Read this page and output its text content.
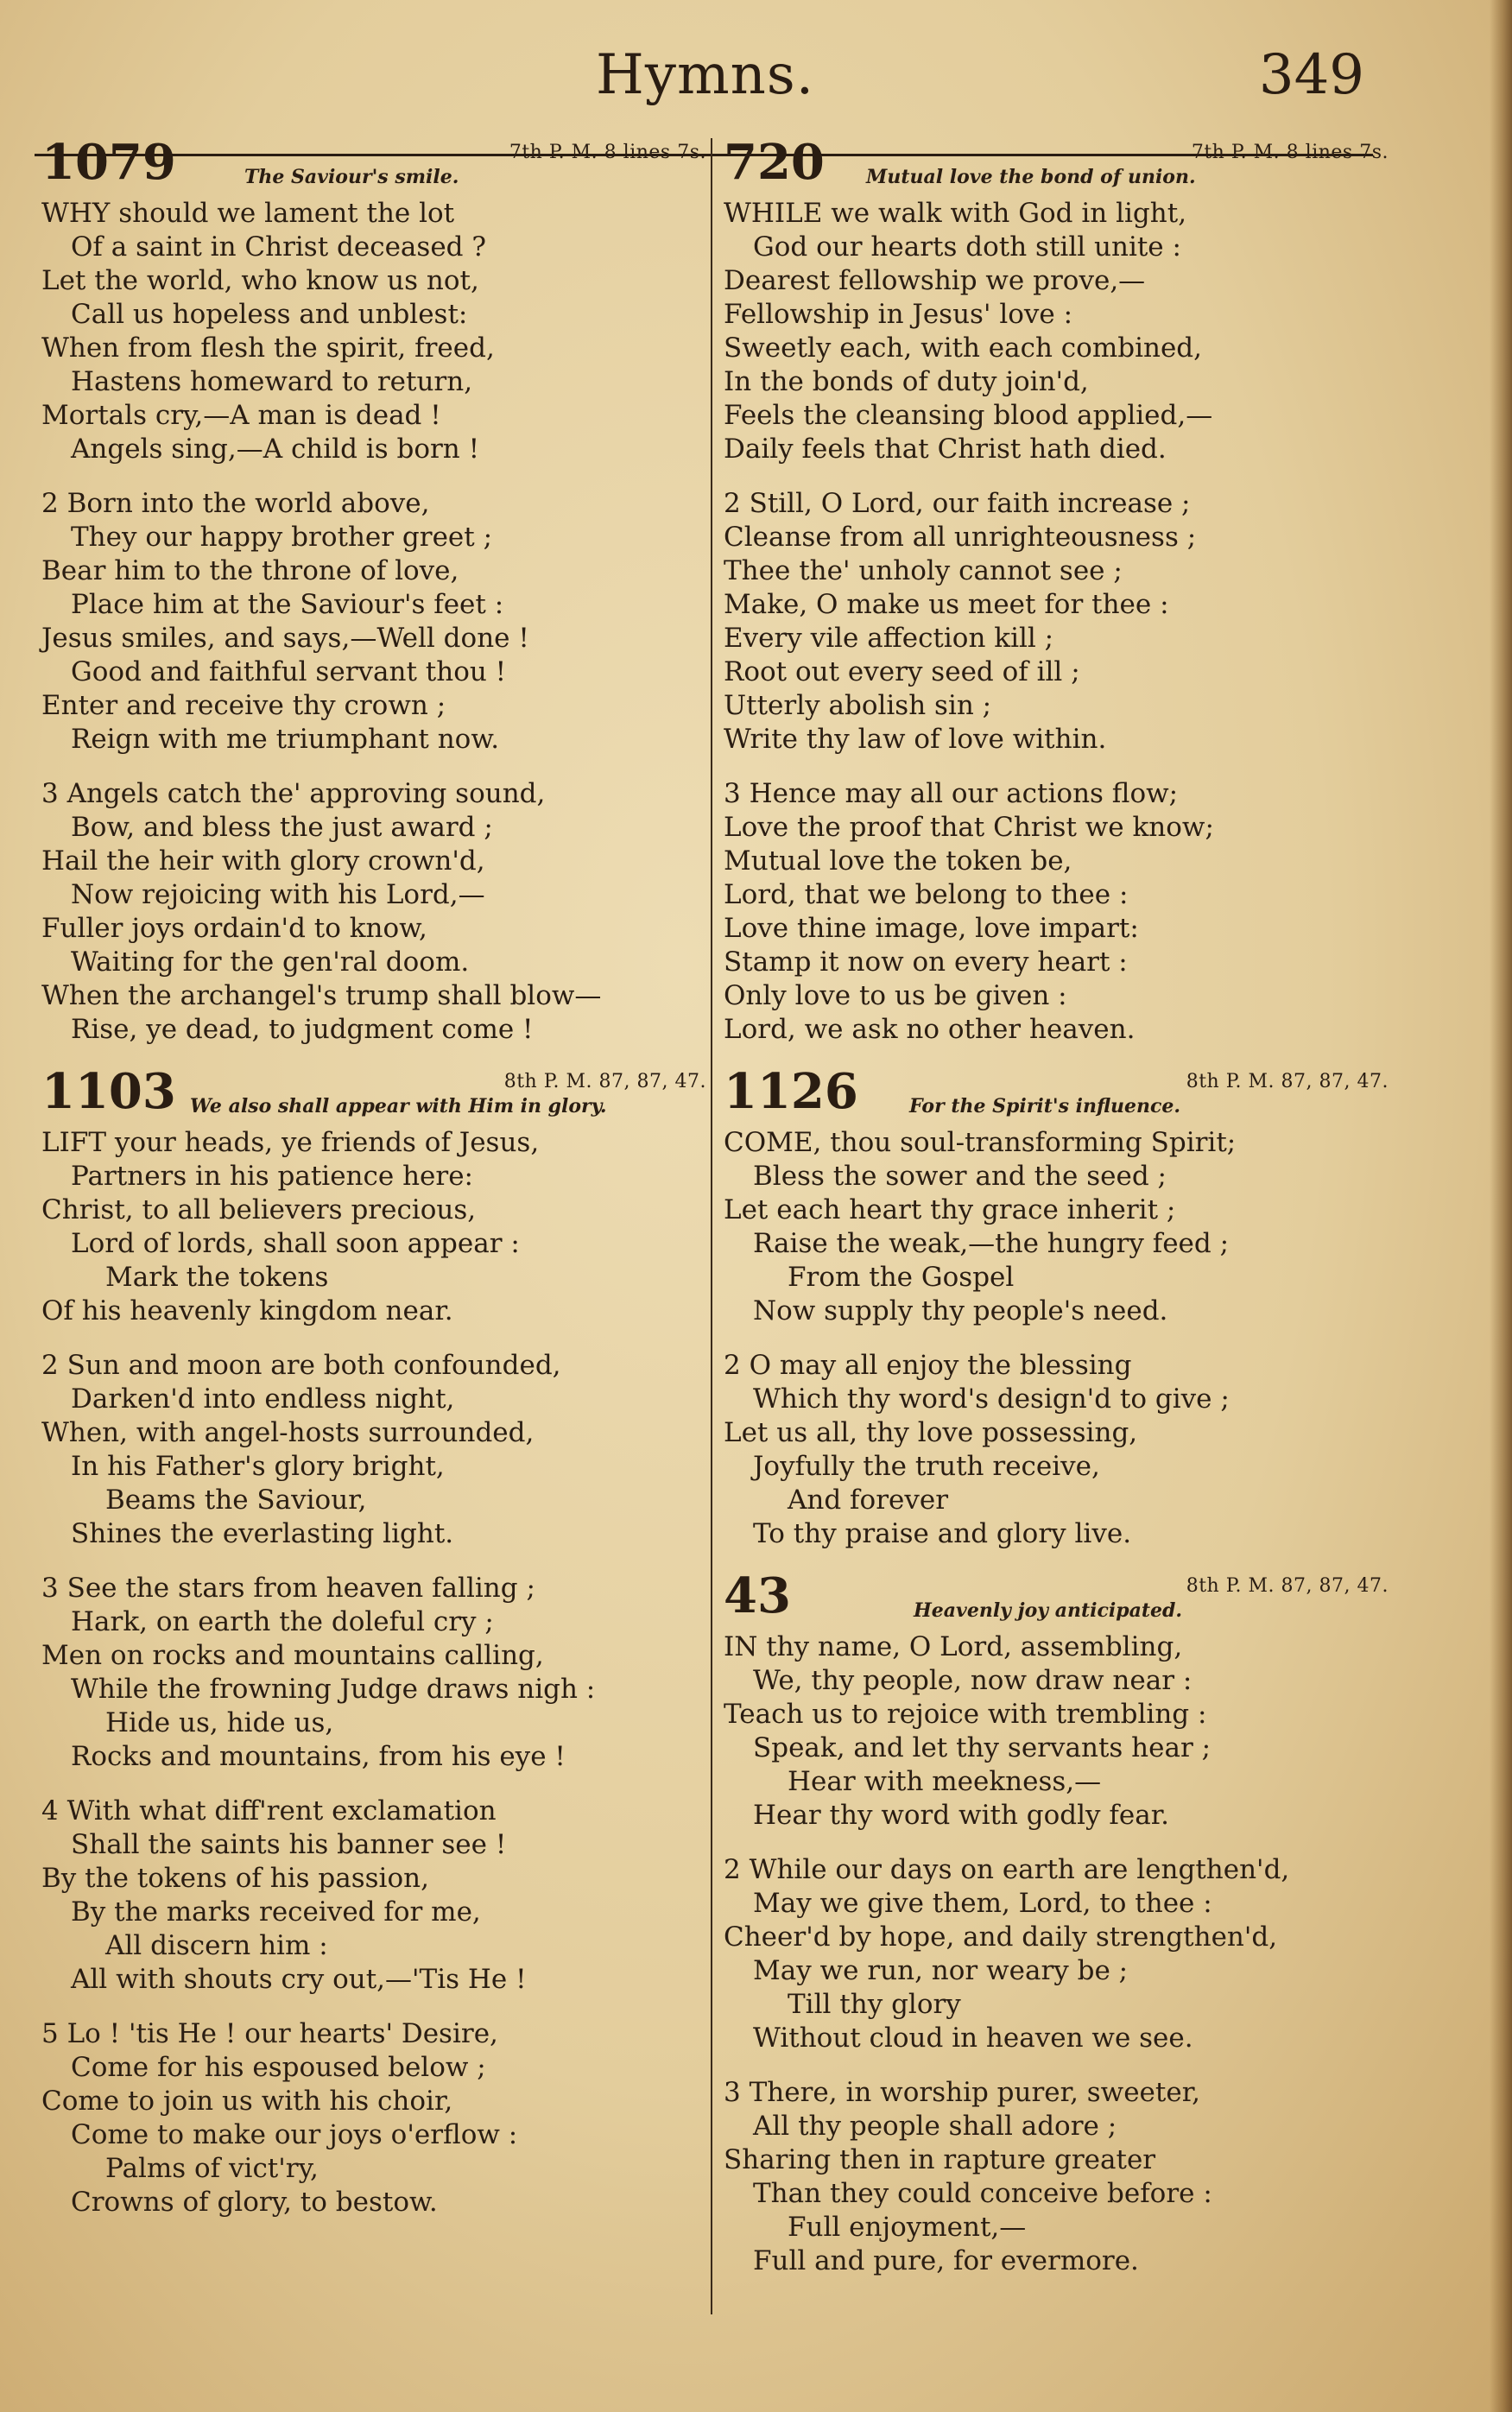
Hymns.	349
1079	7th P. M. 8 lines 7s.
The Saviour's smile.
WHY should we lament the lot
Of a saint in Christ deceased ?
Let the world, who know us not,
Call us hopeless and unblest:
When from flesh the spirit, freed,
Hastens homeward to return,
Mortals cry,—A man is dead !
Angels sing,—A child is born !
2 Born into the world above,
They our happy brother greet ;
Bear him to the throne of love,
Place him at the Saviour's feet :
Jesus smiles, and says,—Well done !
Good and faithful servant thou !
Enter and receive thy crown ;
Reign with me triumphant now.
3 Angels catch the' approving sound,
Bow, and bless the just award ;
Hail the heir with glory crown'd,
Now rejoicing with his Lord,—
Fuller joys ordain'd to know,
Waiting for the gen'ral doom.
When the archangel's trump shall blow—
Rise, ye dead, to judgment come !
1103	8th P. M. 87, 87, 47.
We also shall appear with Him in glory.
LIFT your heads, ye friends of Jesus,
Partners in his patience here:
Christ, to all believers precious,
Lord of lords, shall soon appear :
Mark the tokens
Of his heavenly kingdom near.
2 Sun and moon are both confounded,
Darken'd into endless night,
When, with angel-hosts surrounded,
In his Father's glory bright,
Beams the Saviour,
Shines the everlasting light.
3 See the stars from heaven falling ;
Hark, on earth the doleful cry ;
Men on rocks and mountains calling,
While the frowning Judge draws nigh :
Hide us, hide us,
Rocks and mountains, from his eye !
4 With what diff'rent exclamation
Shall the saints his banner see !
By the tokens of his passion,
By the marks received for me,
All discern him :
All with shouts cry out,—'Tis He !
5 Lo ! 'tis He ! our hearts' Desire,
Come for his espoused below ;
Come to join us with his choir,
Come to make our joys o'erflow :
Palms of vict'ry,
Crowns of glory, to bestow.
720	7th P. M. 8 lines 7s.
Mutual love the bond of union.
WHILE we walk with God in light,
God our hearts doth still unite :
Dearest fellowship we prove,—
Fellowship in Jesus' love :
Sweetly each, with each combined,
In the bonds of duty join'd,
Feels the cleansing blood applied,—
Daily feels that Christ hath died.
2 Still, O Lord, our faith increase ;
Cleanse from all unrighteousness ;
Thee the' unholy cannot see ;
Make, O make us meet for thee :
Every vile affection kill ;
Root out every seed of ill ;
Utterly abolish sin ;
Write thy law of love within.
3 Hence may all our actions flow;
Love the proof that Christ we know;
Mutual love the token be,
Lord, that we belong to thee :
Love thine image, love impart:
Stamp it now on every heart :
Only love to us be given :
Lord, we ask no other heaven.
1126	8th P. M. 87, 87, 47.
For the Spirit's influence.
COME, thou soul-transforming Spirit;
Bless the sower and the seed ;
Let each heart thy grace inherit ;
Raise the weak,—the hungry feed ;
From the Gospel
Now supply thy people's need.
2 O may all enjoy the blessing
Which thy word's design'd to give ;
Let us all, thy love possessing,
Joyfully the truth receive,
And forever
To thy praise and glory live.
43	8th P. M. 87, 87, 47.
Heavenly joy anticipated.
IN thy name, O Lord, assembling,
We, thy people, now draw near :
Teach us to rejoice with trembling :
Speak, and let thy servants hear ;
Hear with meekness,—
Hear thy word with godly fear.
2 While our days on earth are lengthen'd,
May we give them, Lord, to thee :
Cheer'd by hope, and daily strengthen'd,
May we run, nor weary be ;
Till thy glory
Without cloud in heaven we see.
3 There, in worship purer, sweeter,
All thy people shall adore ;
Sharing then in rapture greater
Than they could conceive before :
Full enjoyment,—
Full and pure, for evermore.
